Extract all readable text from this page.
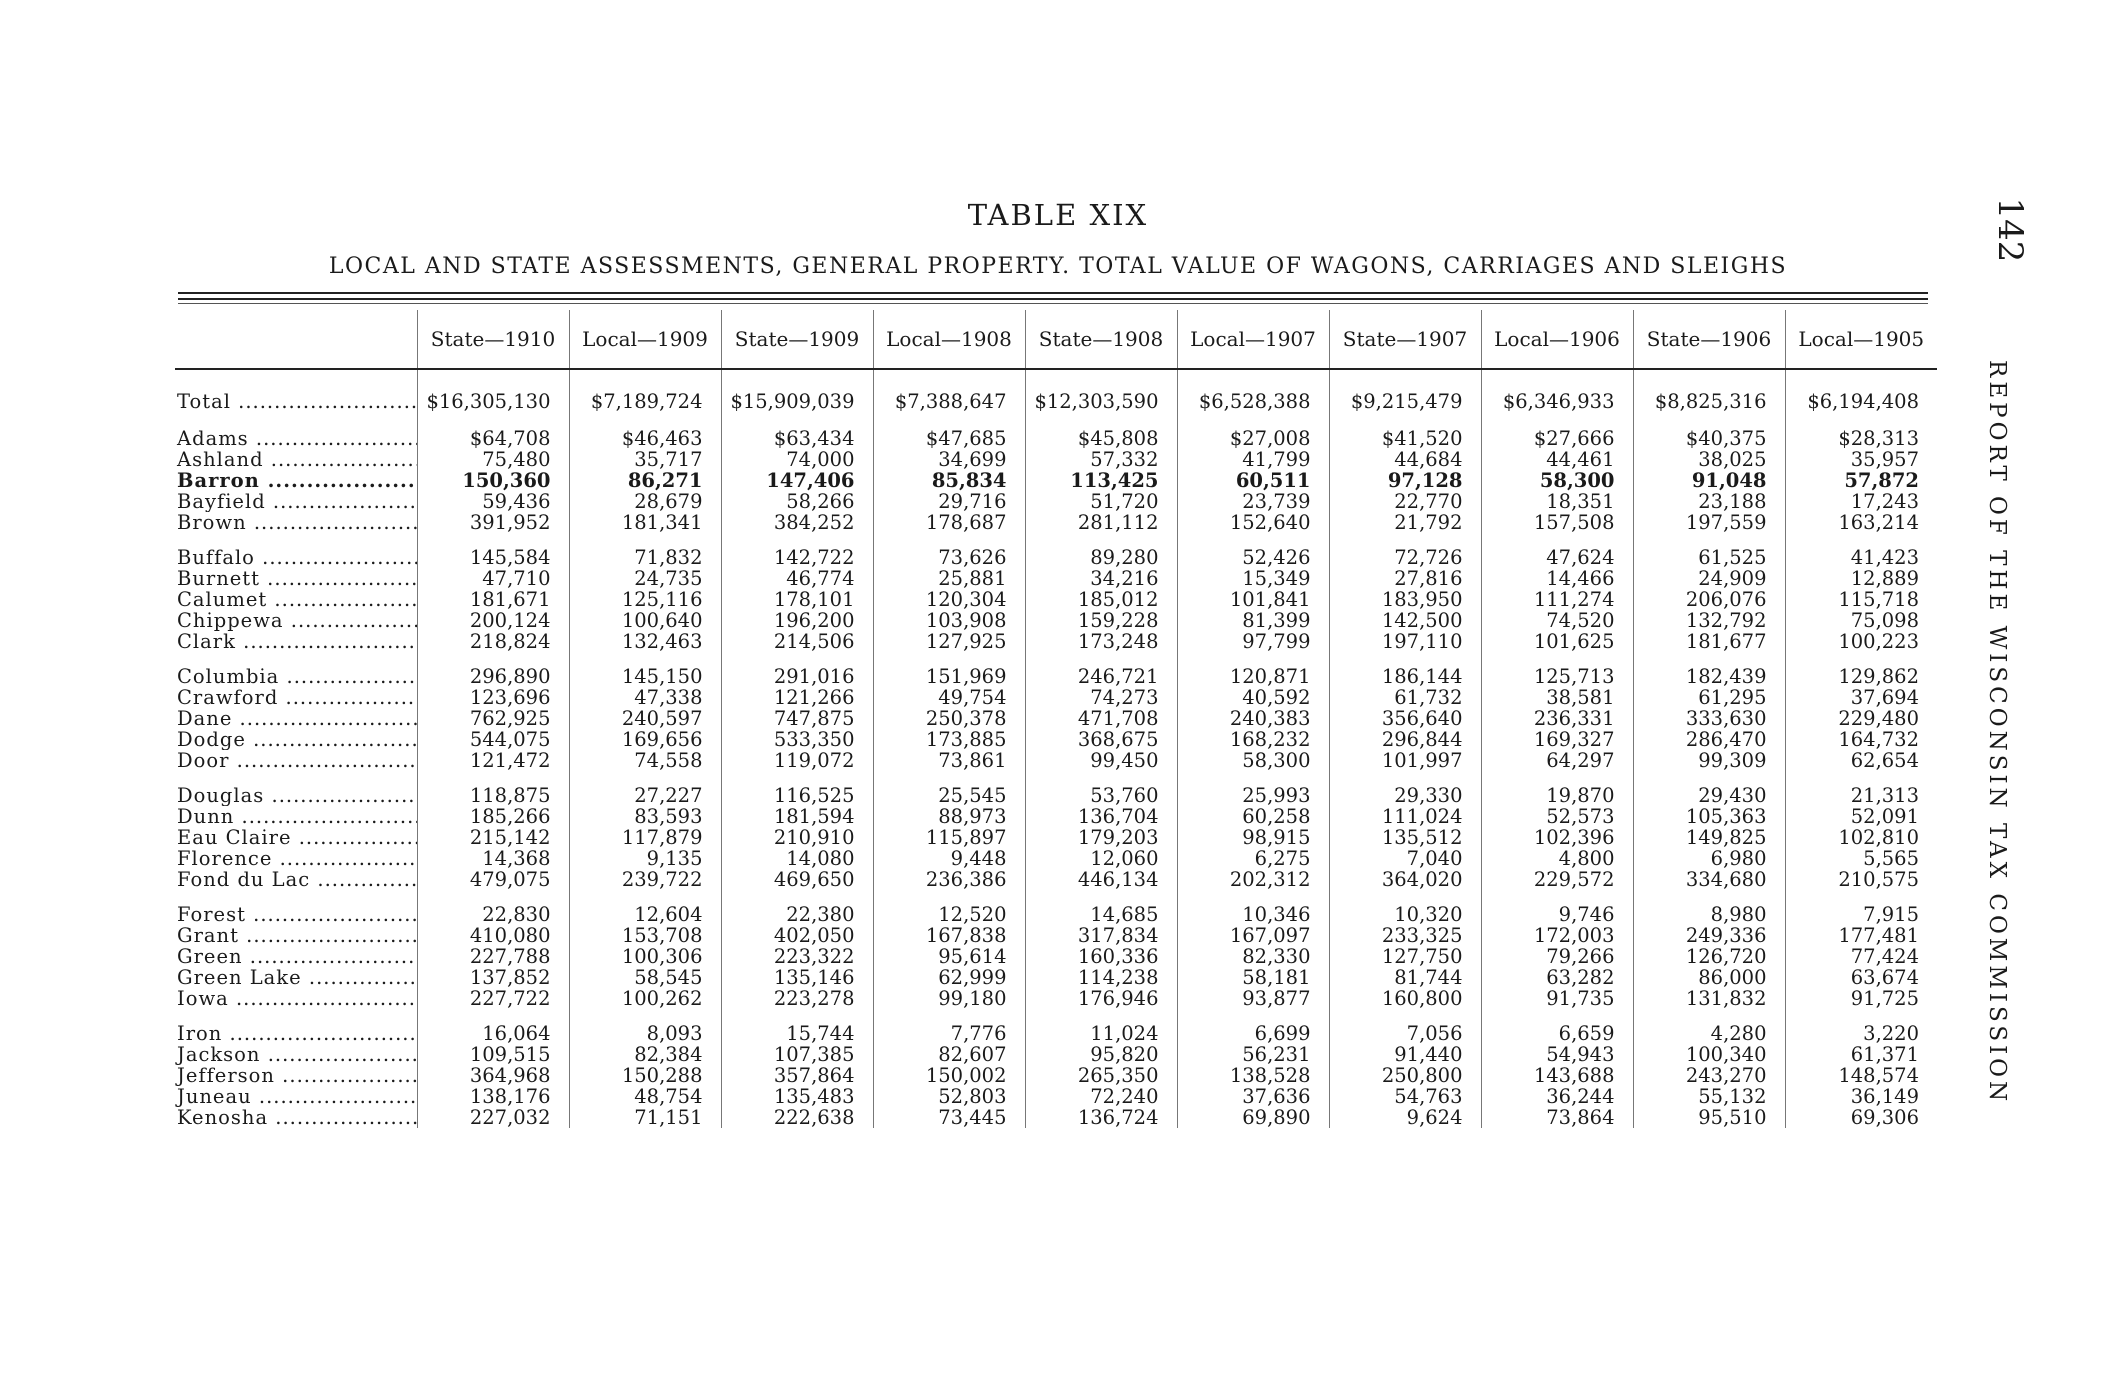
TABLE XIX
LOCAL AND STATE ASSESSMENTS, GENERAL PROPERTY. TOTAL VALUE OF WAGONS, CARRIAGES AND SLEIGHS
142
REPORT OF THE WISCONSIN TAX COMMISSION
	State—1910	Local—1909	State—1909	Local—1908	State—1908	Local—1907	State—1907	Local—1906	State—1906	Local—1905

Total .....	$16,305,130	$7,189,724	$15,909,039	$7,388,647	$12,303,590	$6,528,388	$9,215,479	$6,346,933	$8,825,316	$6,194,408

Adams .....	$64,708	$46,463	$63,434	$47,685	$45,808	$27,008	$41,520	$27,666	$40,375	$28,313
Ashland .....	75,480	35,717	74,000	34,699	57,332	41,799	44,684	44,461	38,025	35,957
Barron .....	150,360	86,271	147,406	85,834	113,425	60,511	97,128	58,300	91,048	57,872
Bayfield .....	59,436	28,679	58,266	29,716	51,720	23,739	22,770	18,351	23,188	17,243
Brown .....	391,952	181,341	384,252	178,687	281,112	152,640	21,792	157,508	197,559	163,214

Buffalo .....	145,584	71,832	142,722	73,626	89,280	52,426	72,726	47,624	61,525	41,423
Burnett .....	47,710	24,735	46,774	25,881	34,216	15,349	27,816	14,466	24,909	12,889
Calumet .....	181,671	125,116	178,101	120,304	185,012	101,841	183,950	111,274	206,076	115,718
Chippewa .....	200,124	100,640	196,200	103,908	159,228	81,399	142,500	74,520	132,792	75,098
Clark .....	218,824	132,463	214,506	127,925	173,248	97,799	197,110	101,625	181,677	100,223

Columbia .....	296,890	145,150	291,016	151,969	246,721	120,871	186,144	125,713	182,439	129,862
Crawford .....	123,696	47,338	121,266	49,754	74,273	40,592	61,732	38,581	61,295	37,694
Dane .....	762,925	240,597	747,875	250,378	471,708	240,383	356,640	236,331	333,630	229,480
Dodge .....	544,075	169,656	533,350	173,885	368,675	168,232	296,844	169,327	286,470	164,732
Door .....	121,472	74,558	119,072	73,861	99,450	58,300	101,997	64,297	99,309	62,654

Douglas .....	118,875	27,227	116,525	25,545	53,760	25,993	29,330	19,870	29,430	21,313
Dunn .....	185,266	83,593	181,594	88,973	136,704	60,258	111,024	52,573	105,363	52,091
Eau Claire .....	215,142	117,879	210,910	115,897	179,203	98,915	135,512	102,396	149,825	102,810
Florence .....	14,368	9,135	14,080	9,448	12,060	6,275	7,040	4,800	6,980	5,565
Fond du Lac .....	479,075	239,722	469,650	236,386	446,134	202,312	364,020	229,572	334,680	210,575

Forest .....	22,830	12,604	22,380	12,520	14,685	10,346	10,320	9,746	8,980	7,915
Grant .....	410,080	153,708	402,050	167,838	317,834	167,097	233,325	172,003	249,336	177,481
Green .....	227,788	100,306	223,322	95,614	160,336	82,330	127,750	79,266	126,720	77,424
Green Lake .....	137,852	58,545	135,146	62,999	114,238	58,181	81,744	63,282	86,000	63,674
Iowa .....	227,722	100,262	223,278	99,180	176,946	93,877	160,800	91,735	131,832	91,725

Iron .....	16,064	8,093	15,744	7,776	11,024	6,699	7,056	6,659	4,280	3,220
Jackson .....	109,515	82,384	107,385	82,607	95,820	56,231	91,440	54,943	100,340	61,371
Jefferson .....	364,968	150,288	357,864	150,002	265,350	138,528	250,800	143,688	243,270	148,574
Juneau .....	138,176	48,754	135,483	52,803	72,240	37,636	54,763	36,244	55,132	36,149
Kenosha .....	227,032	71,151	222,638	73,445	136,724	69,890	9,624	73,864	95,510	69,306
